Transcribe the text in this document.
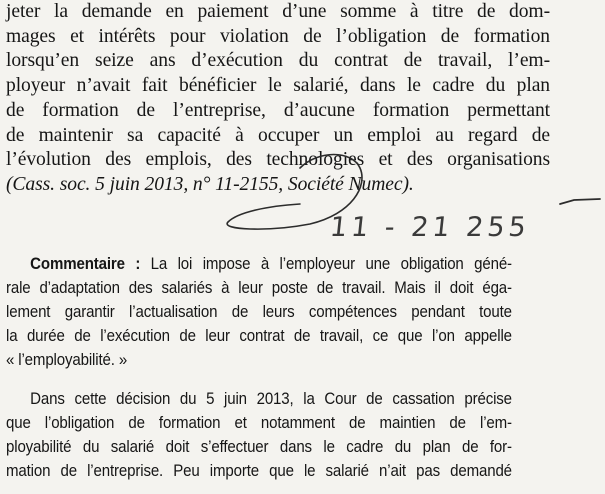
jeter la demande en paiement d’une somme à titre de dom-
mages et intérêts pour violation de l’obligation de formation
lorsqu’en seize ans d’exécution du contrat de travail, l’em-
ployeur n’avait fait bénéficier le salarié, dans le cadre du plan
de formation de l’entreprise, d’aucune formation permettant
de maintenir sa capacité à occuper un emploi au regard de
l’évolution des emplois, des technologies et des organisations
(Cass. soc. 5 juin 2013, n° 11-2155, Société Numec).
11 - 21 255
Commentaire : La loi impose à l’employeur une obligation géné-
rale d’adaptation des salariés à leur poste de travail. Mais il doit éga-
lement garantir l’actualisation de leurs compétences pendant toute
la durée de l’exécution de leur contrat de travail, ce que l’on appelle
« l’employabilité. »
Dans cette décision du 5 juin 2013, la Cour de cassation précise
que l’obligation de formation et notamment de maintien de l’em-
ployabilité du salarié doit s’effectuer dans le cadre du plan de for-
mation de l’entreprise. Peu importe que le salarié n’ait pas demandé
